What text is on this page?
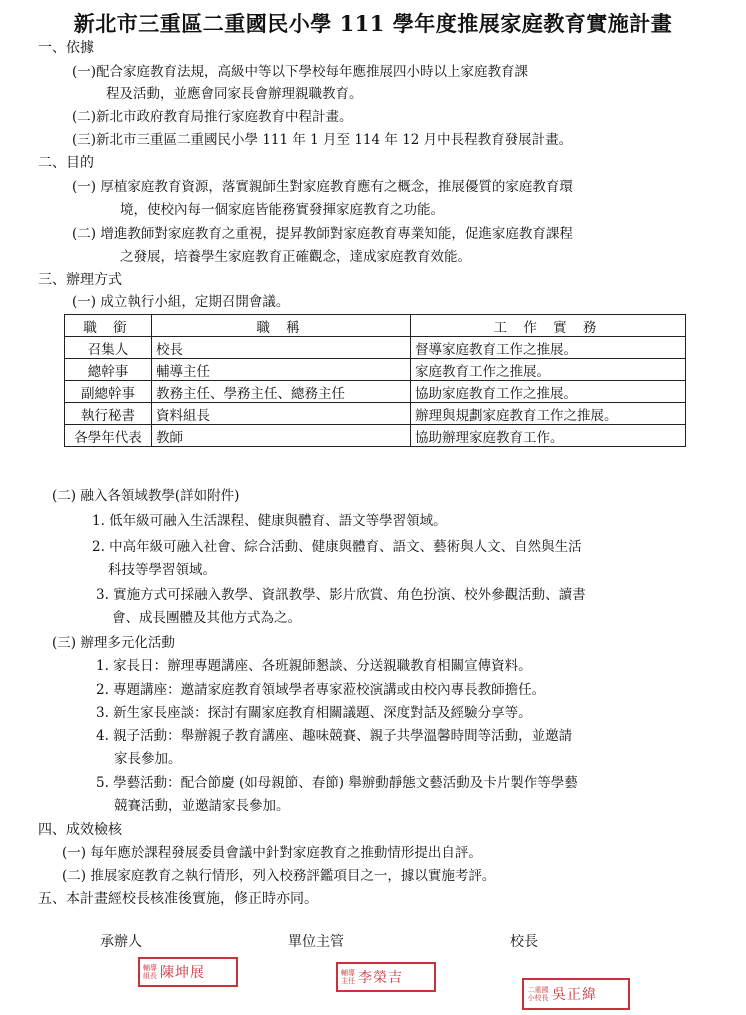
新北市三重區二重國民小學 111 學年度推展家庭教育實施計畫
一、依據
(一)配合家庭教育法規，高級中等以下學校每年應推展四小時以上家庭教育課
程及活動，並應會同家長會辦理親職教育。
(二)新北市政府教育局推行家庭教育中程計畫。
(三)新北市三重區二重國民小學 111 年 1 月至 114 年 12 月中長程教育發展計畫。
二、目的
(一) 厚植家庭教育資源，落實親師生對家庭教育應有之概念，推展優質的家庭教育環
境，使校內每一個家庭皆能務實發揮家庭教育之功能。
(二) 增進教師對家庭教育之重視，提昇教師對家庭教育專業知能，促進家庭教育課程
之發展，培養學生家庭教育正確觀念，達成家庭教育效能。
三、辦理方式
(一) 成立執行小組，定期召開會議。
職 銜	職 稱	工 作 實 務
召集人	校長	督導家庭教育工作之推展。
總幹事	輔導主任	家庭教育工作之推展。
副總幹事	教務主任、學務主任、總務主任	協助家庭教育工作之推展。
執行秘書	資料組長	辦理與規劃家庭教育工作之推展。
各學年代表	教師	協助辦理家庭教育工作。
(二) 融入各領域教學(詳如附件)
1. 低年級可融入生活課程、健康與體育、語文等學習領域。
2. 中高年級可融入社會、綜合活動、健康與體育、語文、藝術與人文、自然與生活
科技等學習領域。
3. 實施方式可採融入教學、資訊教學、影片欣賞、角色扮演、校外參觀活動、讀書
會、成長團體及其他方式為之。
(三) 辦理多元化活動
1. 家長日：辦理專題講座、各班親師懇談、分送親職教育相關宣傳資料。
2. 專題講座：邀請家庭教育領域學者專家蒞校演講或由校內專長教師擔任。
3. 新生家長座談：探討有關家庭教育相關議題、深度對話及經驗分享等。
4. 親子活動：舉辦親子教育講座、趣味競賽、親子共學溫馨時間等活動，並邀請
家長參加。
5. 學藝活動：配合節慶 (如母親節、春節) 舉辦動靜態文藝活動及卡片製作等學藝
競賽活動，並邀請家長參加。
四、成效檢核
(一) 每年應於課程發展委員會議中針對家庭教育之推動情形提出自評。
(二) 推展家庭教育之執行情形，列入校務評鑑項目之一，據以實施考評。
五、本計畫經校長核准後實施，修正時亦同。
承辦人	單位主管	校長
輔導組長 陳坤展	輔導主任 李榮吉
二重國小校長 吳正緯
